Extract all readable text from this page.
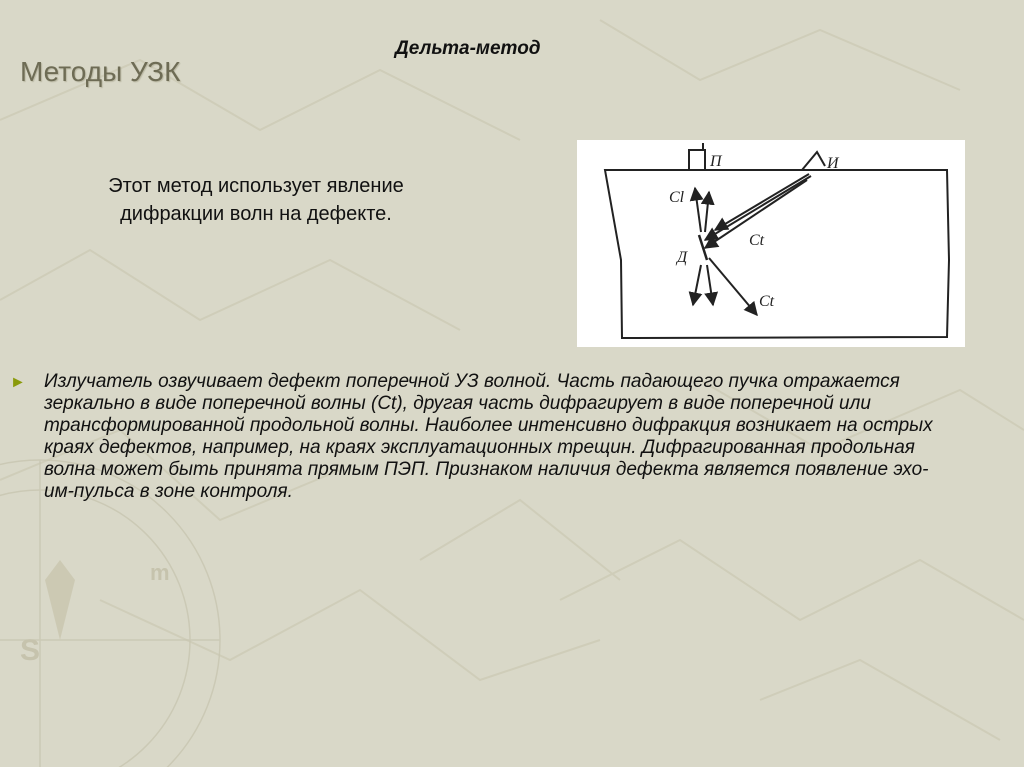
S
m
Методы УЗК
Дельта-метод
Этот метод использует явление дифракции волн на дефекте.
П	И
Д
Cl
Ct
Ct
► Излучатель озвучивает дефект поперечной УЗ волной. Часть падающего пучка отражается зеркально в виде поперечной волны (Ct), другая часть дифрагирует в виде поперечной или трансформированной продольной волны. Наиболее интенсивно дифракция возникает на острых краях дефектов, например, на краях эксплуатационных трещин. Дифрагированная продольная волна может быть принята прямым ПЭП. Признаком наличия дефекта является появление эхо-им-пульса в зоне контроля.
